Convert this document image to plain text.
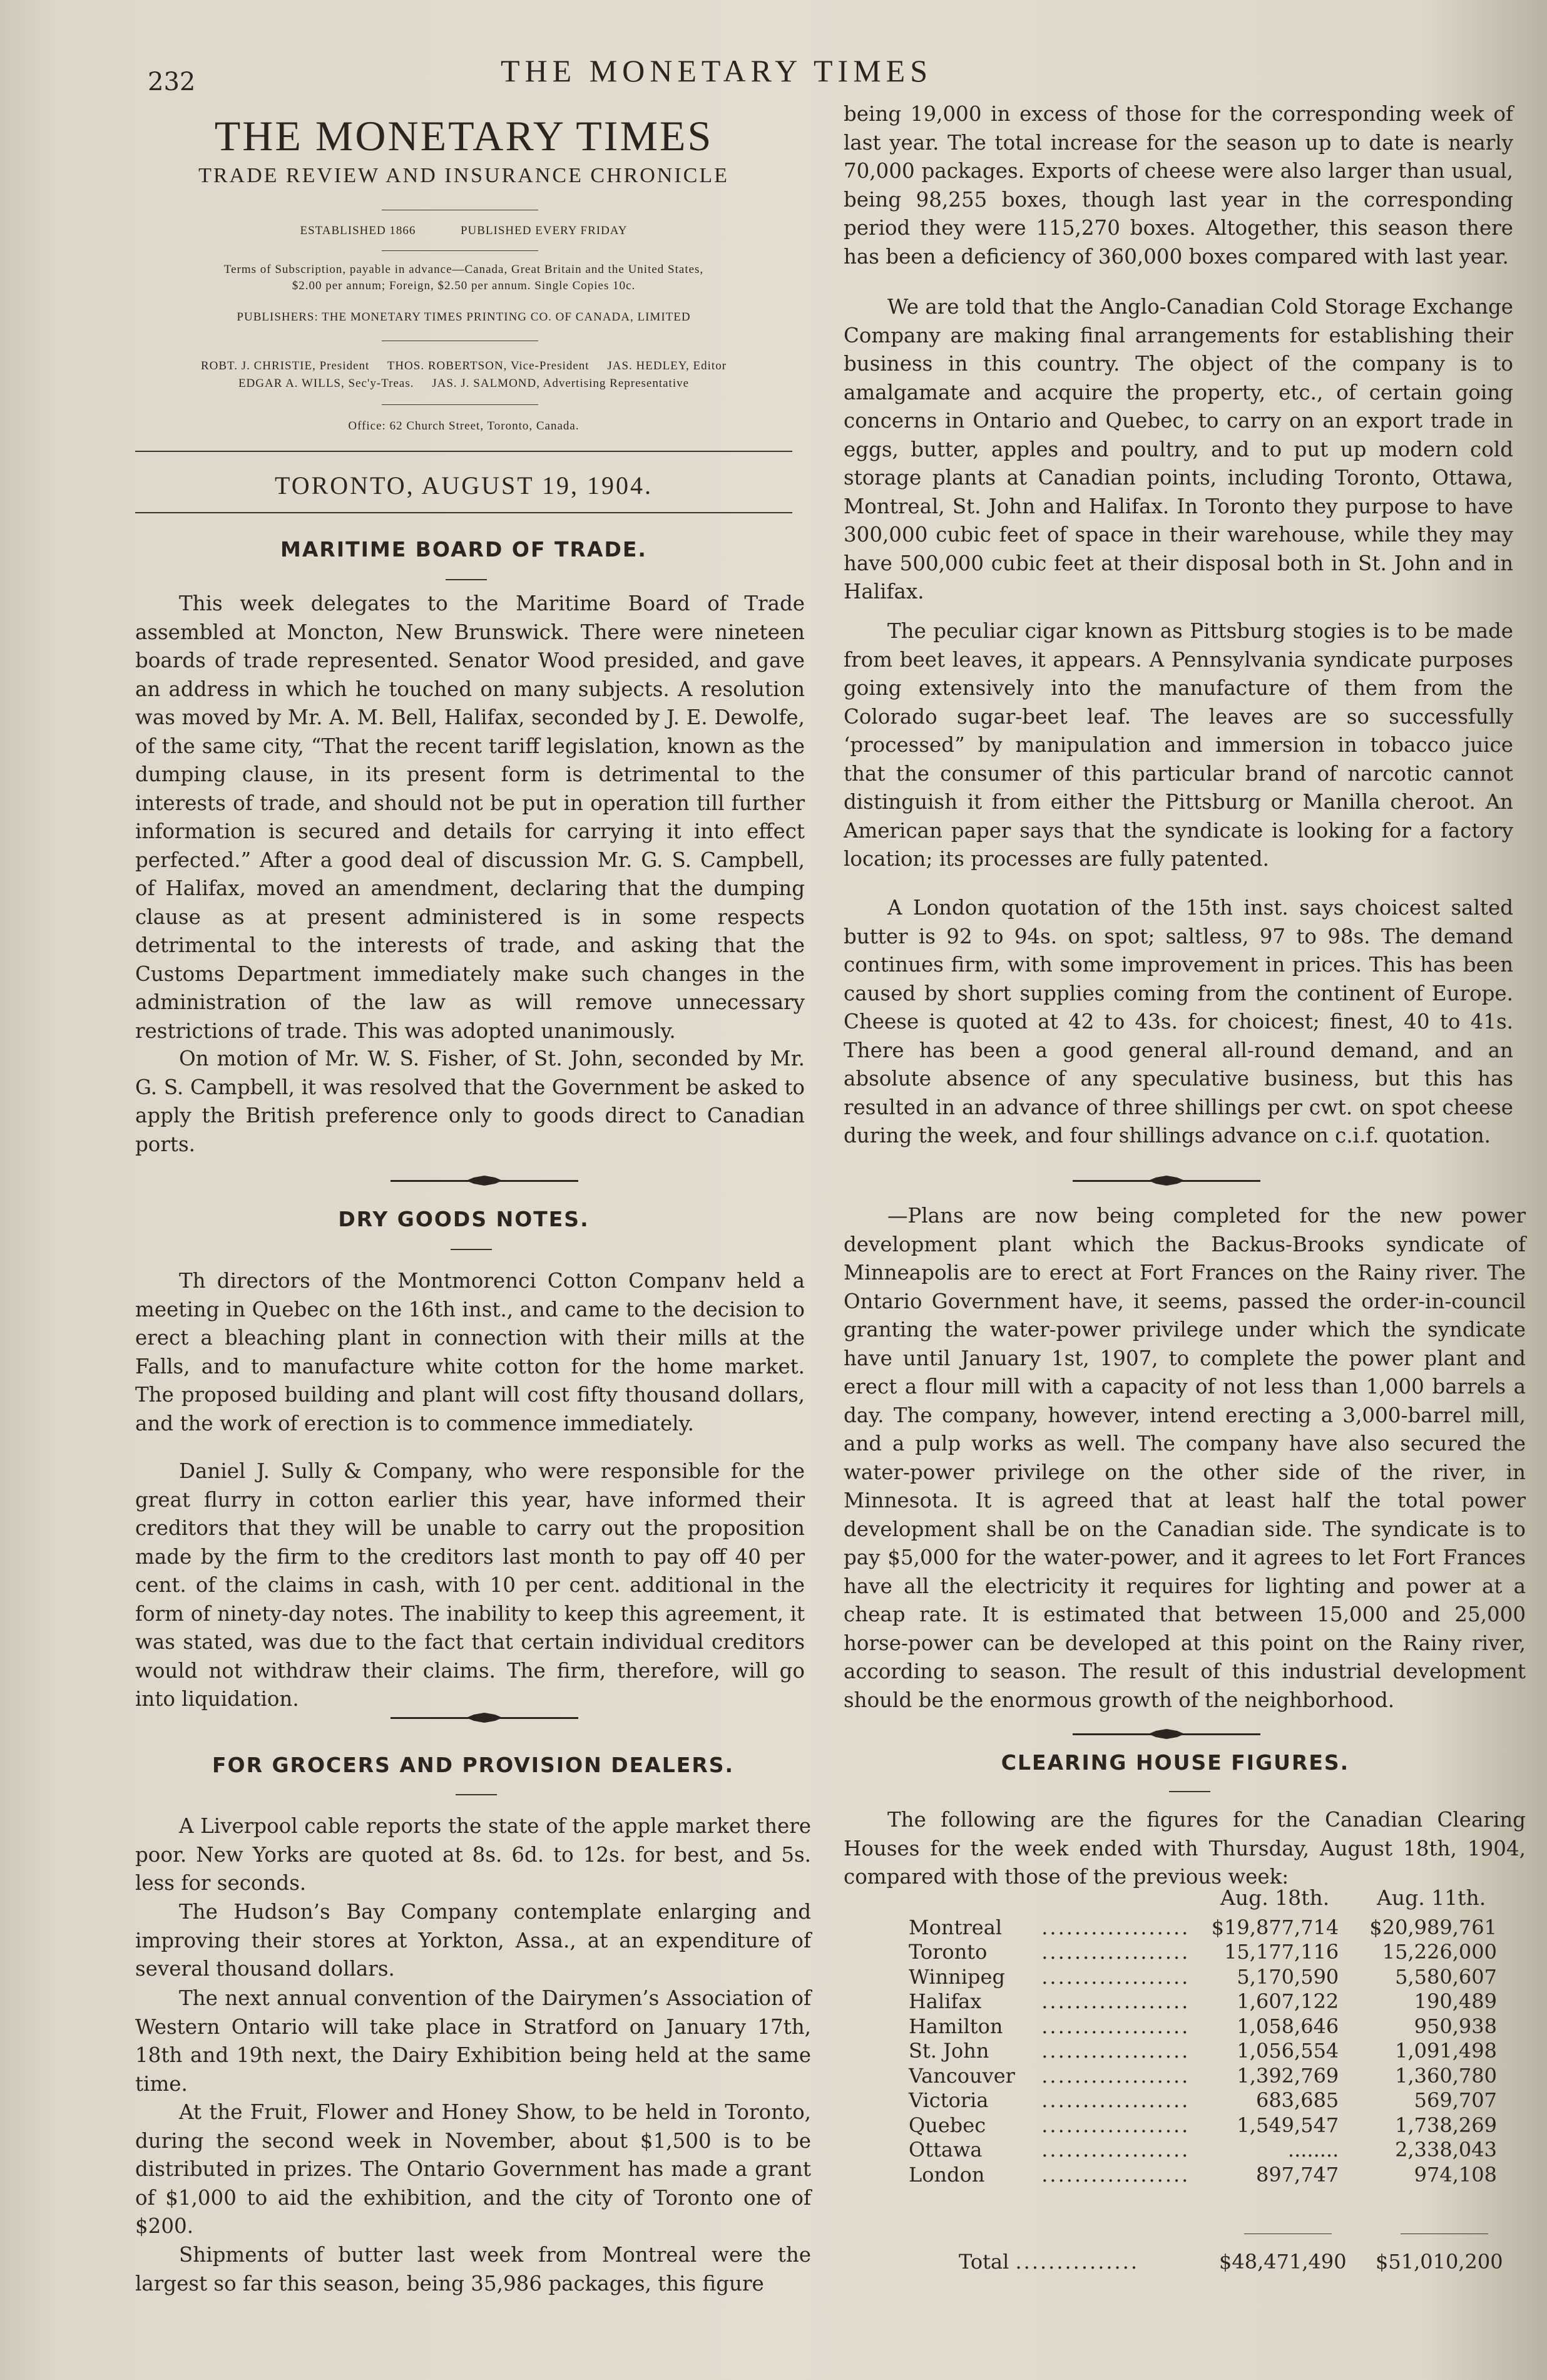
232	THE MONETARY TIMES
THE MONETARY TIMES
TRADE REVIEW AND INSURANCE CHRONICLE
ESTABLISHED 1866	PUBLISHED EVERY FRIDAY
Terms of Subscription, payable in advance—Canada, Great Britain and the United States,
$2.00 per annum; Foreign, $2.50 per annum. Single Copies 10c.
PUBLISHERS: THE MONETARY TIMES PRINTING CO. OF CANADA, LIMITED
ROBT. J. CHRISTIE, President     THOS. ROBERTSON, Vice-President     JAS. HEDLEY, Editor
EDGAR A. WILLS, Sec'y-Treas.     JAS. J. SALMOND, Advertising Representative
Office: 62 Church Street, Toronto, Canada.
TORONTO, AUGUST 19, 1904.
MARITIME BOARD OF TRADE.

This week delegates to the Maritime Board of Trade assembled at Moncton, New Brunswick. There were nineteen boards of trade represented. Senator Wood presided, and gave an address in which he touched on many subjects. A resolution was moved by Mr. A. M. Bell, Halifax, seconded by J. E. Dewolfe, of the same city, “That the recent tariff legislation, known as the dumping clause, in its present form is detrimental to the interests of trade, and should not be put in operation till further information is secured and details for carrying it into effect perfected.” After a good deal of discussion Mr. G. S. Campbell, of Halifax, moved an amendment, declaring that the dumping clause as at present administered is in some respects detrimental to the interests of trade, and asking that the Customs Department immediately make such changes in the administration of the law as will remove unnecessary restrictions of trade. This was adopted unanimously.

On motion of Mr. W. S. Fisher, of St. John, seconded by Mr. G. S. Campbell, it was resolved that the Government be asked to apply the British preference only to goods direct to Canadian ports.

DRY GOODS NOTES.

Th directors of the Montmorenci Cotton Companv held a meeting in Quebec on the 16th inst., and came to the decision to erect a bleaching plant in connection with their mills at the Falls, and to manufacture white cotton for the home market. The proposed building and plant will cost fifty thousand dollars, and the work of erection is to commence immediately.

Daniel J. Sully & Company, who were responsible for the great flurry in cotton earlier this year, have informed their creditors that they will be unable to carry out the proposition made by the firm to the creditors last month to pay off 40 per cent. of the claims in cash, with 10 per cent. additional in the form of ninety-day notes. The inability to keep this agreement, it was stated, was due to the fact that certain individual creditors would not withdraw their claims. The firm, therefore, will go into liquidation.

FOR GROCERS AND PROVISION DEALERS.

A Liverpool cable reports the state of the apple market there poor. New Yorks are quoted at 8s. 6d. to 12s. for best, and 5s. less for seconds.

The Hudson’s Bay Company contemplate enlarging and improving their stores at Yorkton, Assa., at an expenditure of several thousand dollars.

The next annual convention of the Dairymen’s Association of Western Ontario will take place in Stratford on January 17th, 18th and 19th next, the Dairy Exhibition being held at the same time.

At the Fruit, Flower and Honey Show, to be held in Toronto, during the second week in November, about $1,500 is to be distributed in prizes. The Ontario Government has made a grant of $1,000 to aid the exhibition, and the city of Toronto one of $200.

Shipments of butter last week from Montreal were the largest so far this season, being 35,986 packages, this figure

being 19,000 in excess of those for the corresponding week of last year. The total increase for the season up to date is nearly 70,000 packages. Exports of cheese were also larger than usual, being 98,255 boxes, though last year in the corresponding period they were 115,270 boxes. Altogether, this season there has been a deficiency of 360,000 boxes compared with last year.

We are told that the Anglo-Canadian Cold Storage Exchange Company are making final arrangements for establishing their business in this country. The object of the company is to amalgamate and acquire the property, etc., of certain going concerns in Ontario and Quebec, to carry on an export trade in eggs, butter, apples and poultry, and to put up modern cold storage plants at Canadian points, including Toronto, Ottawa, Montreal, St. John and Halifax. In Toronto they purpose to have 300,000 cubic feet of space in their warehouse, while they may have 500,000 cubic feet at their disposal both in St. John and in Halifax.

The peculiar cigar known as Pittsburg stogies is to be made from beet leaves, it appears. A Pennsylvania syndicate purposes going extensively into the manufacture of them from the Colorado sugar-beet leaf. The leaves are so successfully ‘processed” by manipulation and immersion in tobacco juice that the consumer of this particular brand of narcotic cannot distinguish it from either the Pittsburg or Manilla cheroot. An American paper says that the syndicate is looking for a factory location; its processes are fully patented.

A London quotation of the 15th inst. says choicest salted butter is 92 to 94s. on spot; saltless, 97 to 98s. The demand continues firm, with some improvement in prices. This has been caused by short supplies coming from the continent of Europe. Cheese is quoted at 42 to 43s. for choicest; finest, 40 to 41s. There has been a good general all-round demand, and an absolute absence of any speculative business, but this has resulted in an advance of three shillings per cwt. on spot cheese during the week, and four shillings advance on c.i.f. quotation.

—Plans are now being completed for the new power development plant which the Backus-Brooks syndicate of Minneapolis are to erect at Fort Frances on the Rainy river. The Ontario Government have, it seems, passed the order-in-council granting the water-power privilege under which the syndicate have until January 1st, 1907, to complete the power plant and erect a flour mill with a capacity of not less than 1,000 barrels a day. The company, however, intend erecting a 3,000-barrel mill, and a pulp works as well. The company have also secured the water-power privilege on the other side of the river, in Minnesota. It is agreed that at least half the total power development shall be on the Canadian side. The syndicate is to pay $5,000 for the water-power, and it agrees to let Fort Frances have all the electricity it requires for lighting and power at a cheap rate. It is estimated that between 15,000 and 25,000 horse-power can be developed at this point on the Rainy river, according to season. The result of this industrial development should be the enormous growth of the neighborhood.

CLEARING HOUSE FIGURES.

The following are the figures for the Canadian Clearing Houses for the week ended with Thursday, August 18th, 1904, compared with those of the previous week:

Aug. 18th. Aug. 11th.
Montreal	..................	$19,877,714	$20,989,761
Toronto	..................	15,177,116	15,226,000
Winnipeg	..................	5,170,590	5,580,607
Halifax	..................	1,607,122	190,489
Hamilton	..................	1,058,646	950,938
St. John	..................	1,056,554	1,091,498
Vancouver	..................	1,392,769	1,360,780
Victoria	..................	683,685	569,707
Quebec	..................	1,549,547	1,738,269
Ottawa	..................	........	2,338,043
London	..................	897,747	974,108
Total ...............	$48,471,490 $51,010,200
